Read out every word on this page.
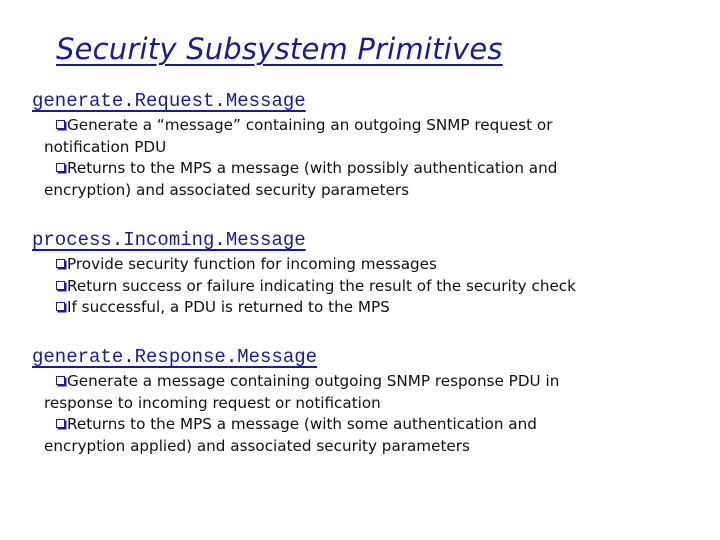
Security Subsystem Primitives
generate.Request.Message
Generate a “message” containing an outgoing SNMP request or
notification PDU
Returns to the MPS a message (with possibly authentication and
encryption) and associated security parameters
process.Incoming.Message
Provide security function for incoming messages
Return success or failure indicating the result of the security check
If successful, a PDU is returned to the MPS
generate.Response.Message
Generate a message containing outgoing SNMP response PDU in
response to incoming request or notification
Returns to the MPS a message (with some authentication and
encryption applied) and associated security parameters
